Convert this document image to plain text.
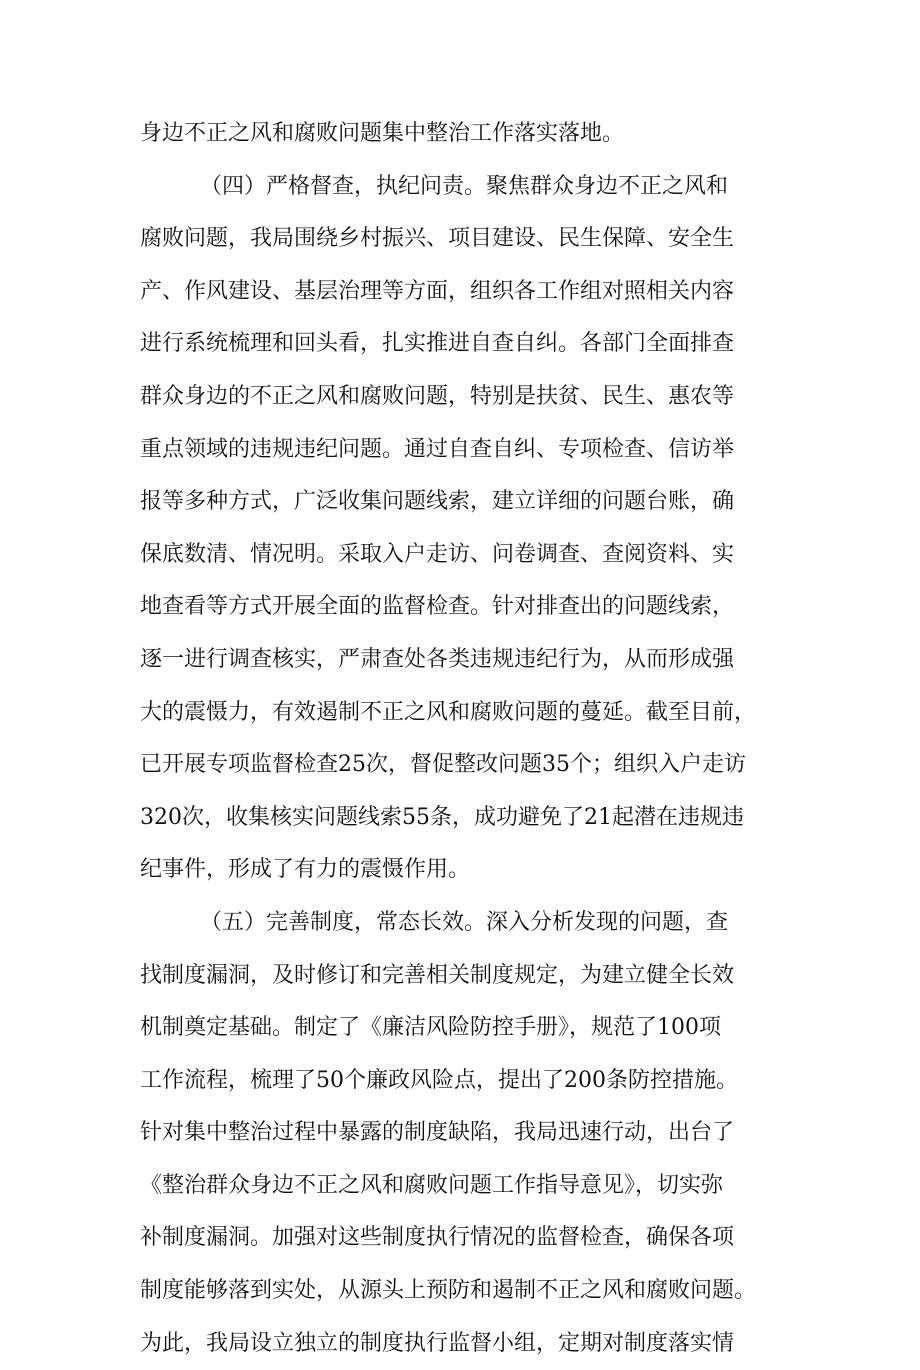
身边不正之风和腐败问题集中整治工作落实落地。
（四）严格督查，执纪问责。聚焦群众身边不正之风和
腐败问题，我局围绕乡村振兴、项目建设、民生保障、安全生
产、作风建设、基层治理等方面，组织各工作组对照相关内容
进行系统梳理和回头看，扎实推进自查自纠。各部门全面排查
群众身边的不正之风和腐败问题，特别是扶贫、民生、惠农等
重点领域的违规违纪问题。通过自查自纠、专项检查、信访举
报等多种方式，广泛收集问题线索，建立详细的问题台账，确
保底数清、情况明。采取入户走访、问卷调查、查阅资料、实
地查看等方式开展全面的监督检查。针对排查出的问题线索，
逐一进行调查核实，严肃查处各类违规违纪行为，从而形成强
大的震慑力，有效遏制不正之风和腐败问题的蔓延。截至目前，
已开展专项监督检查25次，督促整改问题35个；组织入户走访
320次，收集核实问题线索55条，成功避免了21起潜在违规违
纪事件，形成了有力的震慑作用。
（五）完善制度，常态长效。深入分析发现的问题，查
找制度漏洞，及时修订和完善相关制度规定，为建立健全长效
机制奠定基础。制定了《廉洁风险防控手册》，规范了100项
工作流程，梳理了50个廉政风险点，提出了200条防控措施。
针对集中整治过程中暴露的制度缺陷，我局迅速行动，出台了
《整治群众身边不正之风和腐败问题工作指导意见》，切实弥
补制度漏洞。加强对这些制度执行情况的监督检查，确保各项
制度能够落到实处，从源头上预防和遏制不正之风和腐败问题。
为此，我局设立独立的制度执行监督小组，定期对制度落实情
